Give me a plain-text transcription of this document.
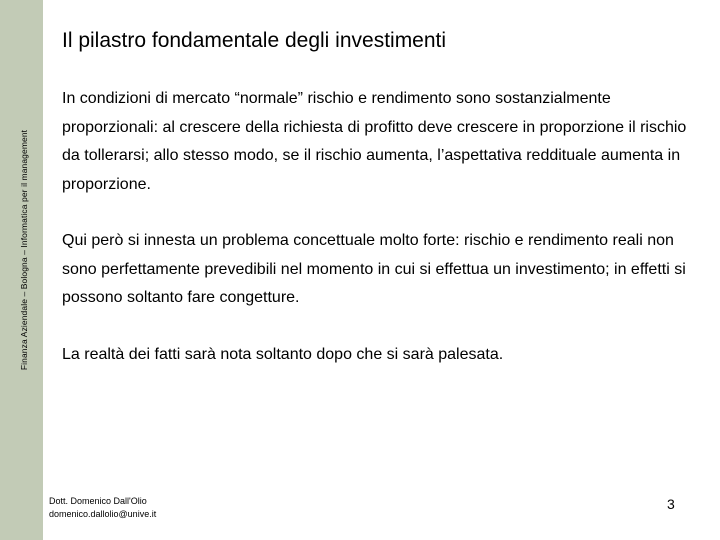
Finanza Aziendale – Bologna – Informatica per il management
Il pilastro fondamentale degli investimenti

In condizioni di mercato “normale” rischio e rendimento sono sostanzialmente proporzionali: al crescere della richiesta di profitto deve crescere in proporzione il rischio da tollerarsi; allo stesso modo, se il rischio aumenta, l’aspettativa reddituale aumenta in proporzione.

Qui però si innesta un problema concettuale molto forte: rischio e rendimento reali non sono perfettamente prevedibili nel momento in cui si effettua un investimento; in effetti si possono soltanto fare congetture.

La realtà dei fatti sarà nota soltanto dopo che si sarà palesata.

Dott. Domenico Dall'Olio
domenico.dallolio@unive.it
3
